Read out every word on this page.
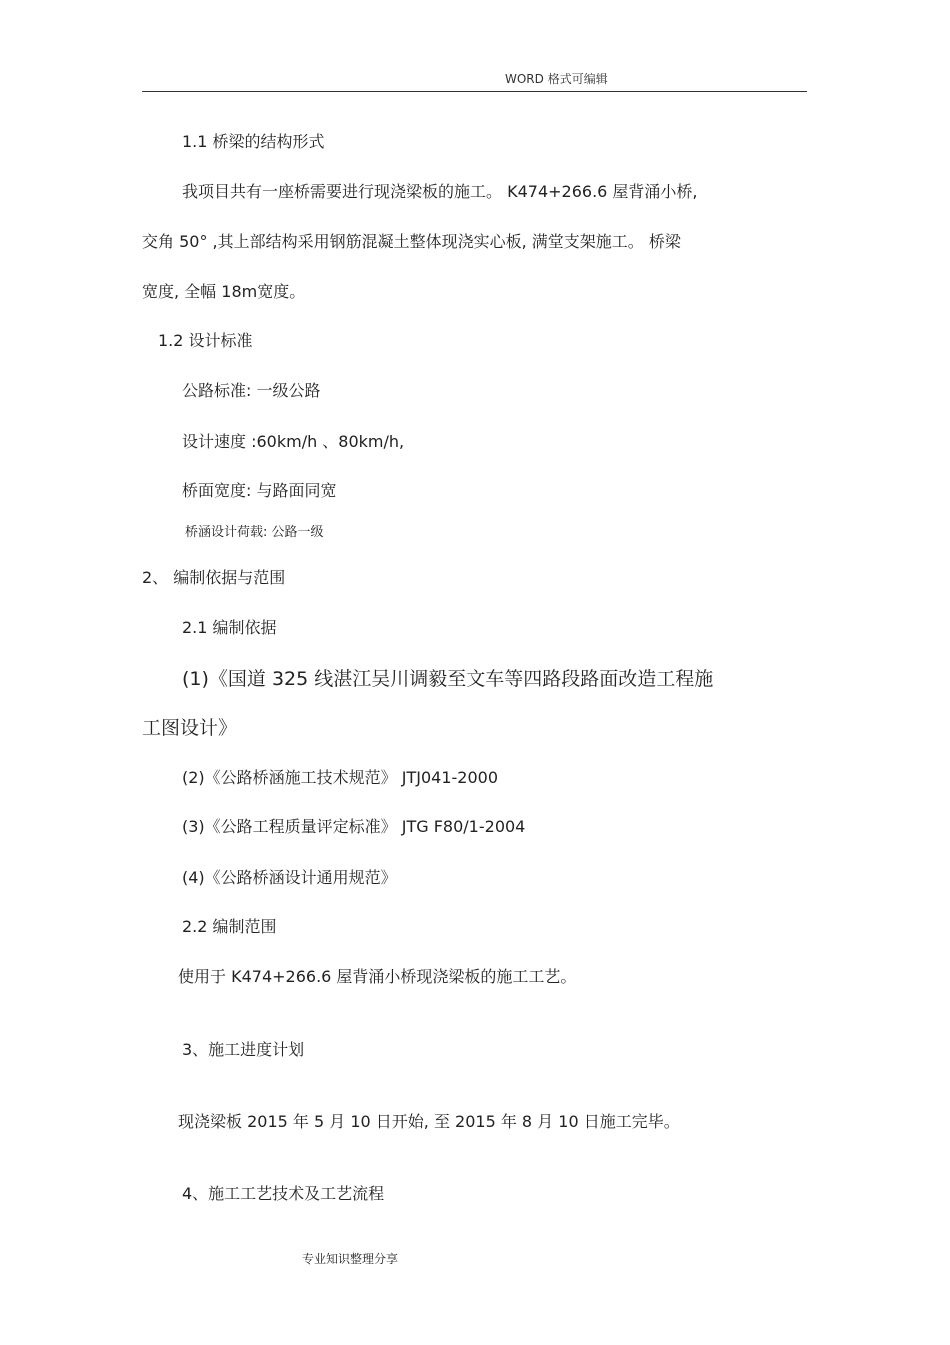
WORD 格式可编辑
1.1 桥梁的结构形式
我项目共有一座桥需要进行现浇梁板的施工。 K474+266.6 屋背涌小桥,
交角 50° ,其上部结构采用钢筋混凝土整体现浇实心板, 满堂支架施工。 桥梁
宽度, 全幅 18m宽度。
1.2 设计标准
公路标准: 一级公路
设计速度 :60km/h 、80km/h,
桥面宽度: 与路面同宽
桥涵设计荷载: 公路一级
2、 编制依据与范围
2.1 编制依据
(1)《国道 325 线湛江吴川调毅至文车等四路段路面改造工程施
工图设计》
(2)《公路桥涵施工技术规范》 JTJ041-2000
(3)《公路工程质量评定标准》 JTG F80/1-2004
(4)《公路桥涵设计通用规范》
2.2 编制范围
使用于 K474+266.6 屋背涌小桥现浇梁板的施工工艺。
3、施工进度计划
现浇梁板 2015 年 5 月 10 日开始, 至 2015 年 8 月 10 日施工完毕。
4、施工工艺技术及工艺流程
专业知识整理分享
